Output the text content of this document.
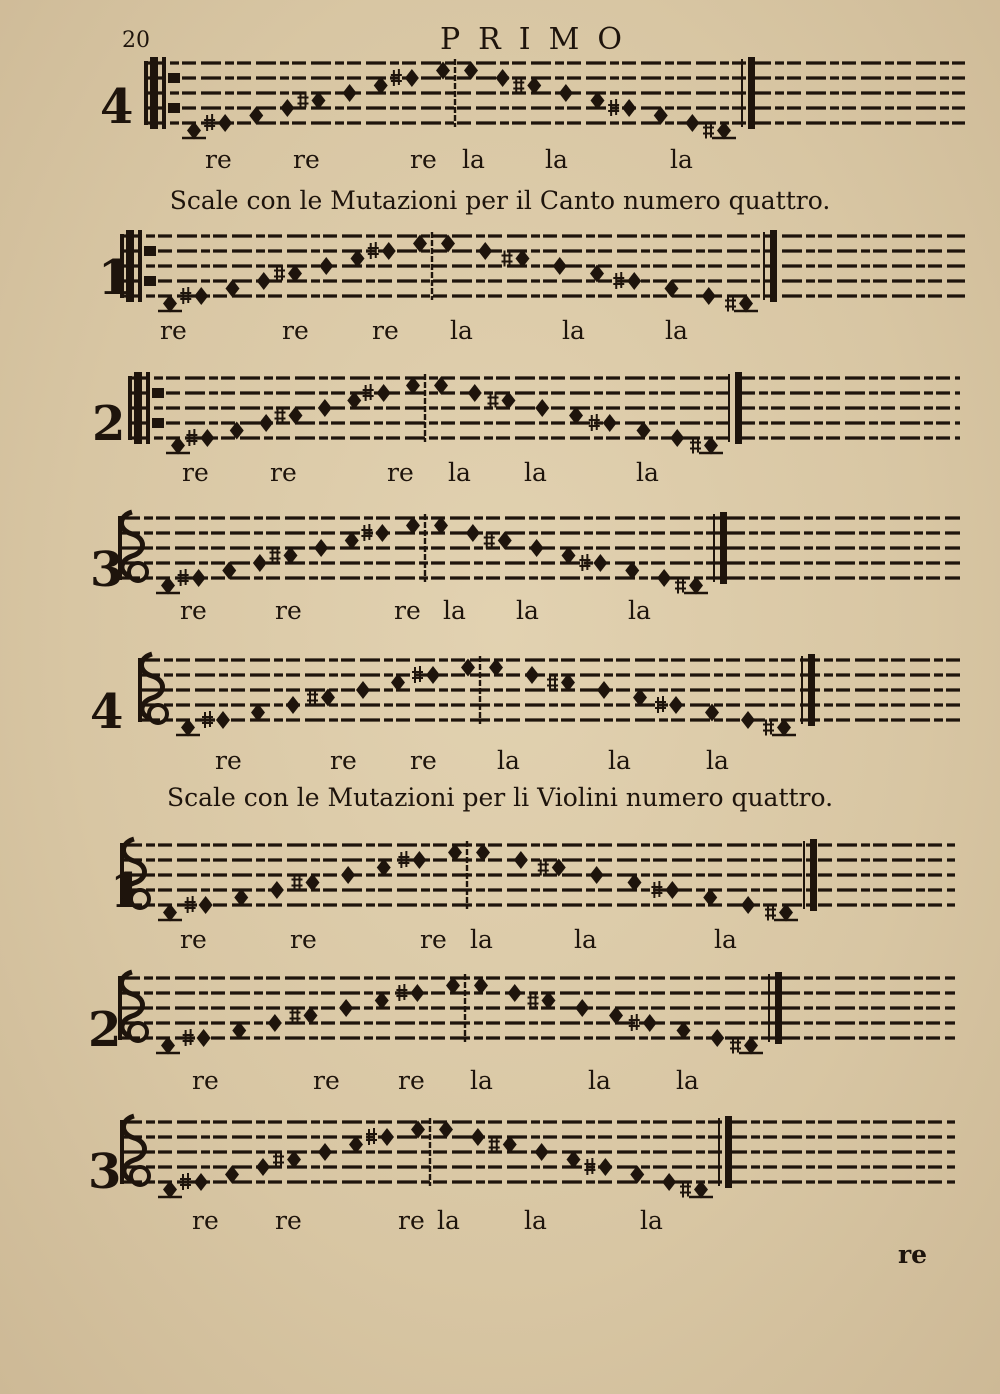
20	PRIMO
4
re re	re la la	la
Scale con le Mutazioni per il Canto numero quattro.
1
re	re	re la	la	la
2
re re	re la la	la
3
re	re	re la la	la
4
re	re re la	la	la
Scale con le Mutazioni per li Violini numero quattro.
1
re	re	re la	la	la
2
re	re re la	la	la
3
re re	re la	la	la
re
